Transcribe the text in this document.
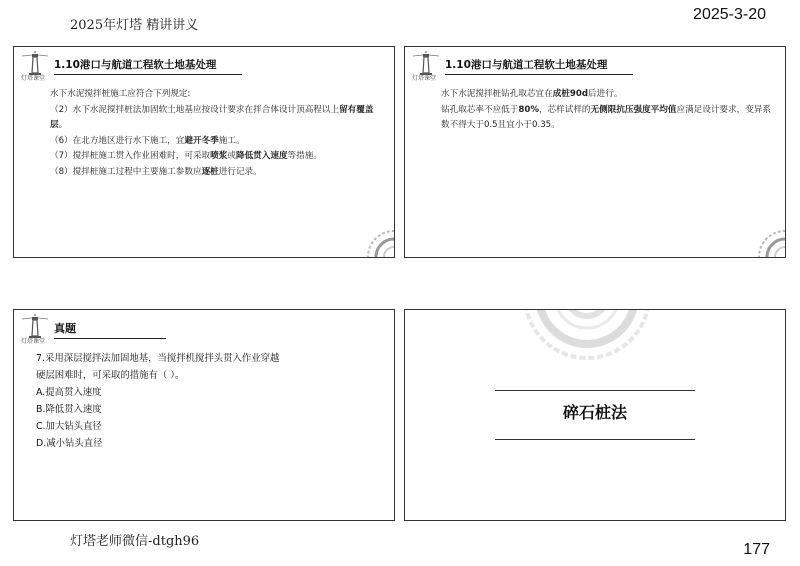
2025年灯塔 精讲讲义
2025-3-20
灯塔课堂
1.10港口与航道工程软土地基处理

水下水泥搅拌桩施工应符合下列规定:

（2）水下水泥搅拌桩法加固软土地基应按设计要求在拌合体设计顶高程以上留有覆盖层。

（6）在北方地区进行水下施工，宜避开冬季施工。

（7）搅拌桩施工贯入作业困难时，可采取喷浆或降低贯入速度等措施。

（8）搅拌桩施工过程中主要施工参数应逐桩进行记录。

灯塔课堂
1.10港口与航道工程软土地基处理

水下水泥搅拌桩钻孔取芯宜在成桩90d后进行。

钻孔取芯率不应低于80%，芯样试样的无侧限抗压强度平均值应满足设计要求，变异系数不得大于0.5且宜小于0.35。

灯塔课堂
真题

7.采用深层搅拌法加固地基，当搅拌机搅拌头贯入作业穿越

硬层困难时，可采取的措施有（ ）。

A.提高贯入速度

B.降低贯入速度

C.加大钻头直径

D.减小钻头直径

碎石桩法
灯塔老师微信-dtgh96	177
